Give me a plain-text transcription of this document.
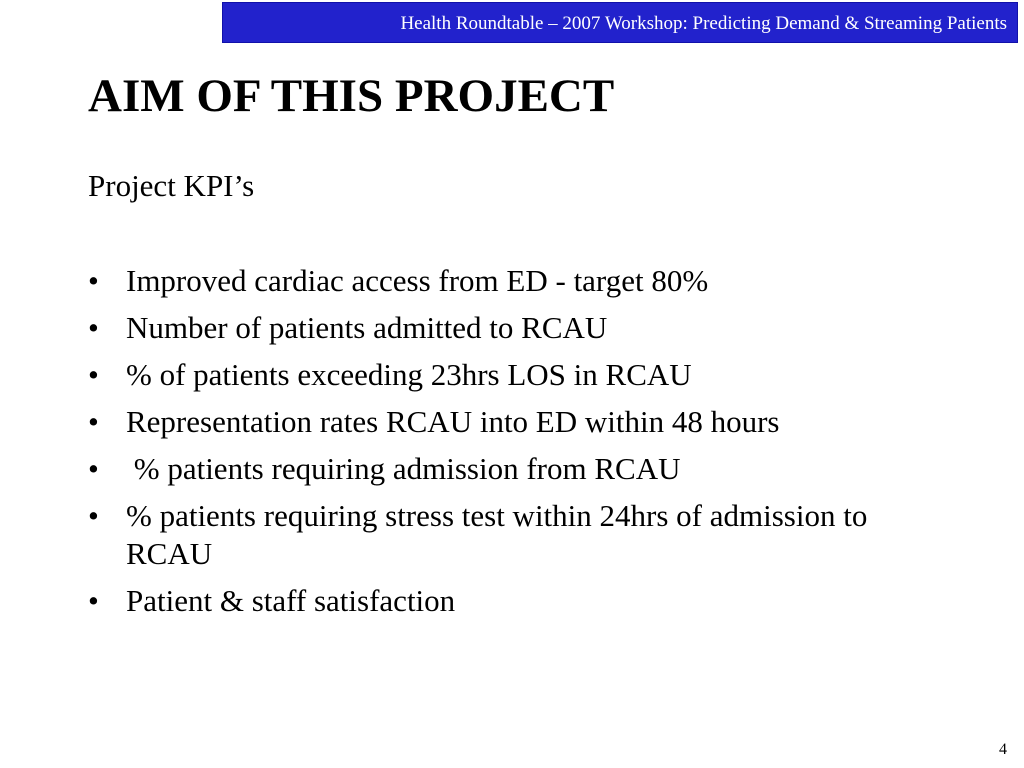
Health Roundtable – 2007 Workshop: Predicting Demand & Streaming Patients
AIM OF THIS PROJECT

Project KPI’s

• Improved cardiac access from ED - target 80%
• Number of patients admitted to RCAU
• % of patients exceeding 23hrs LOS in RCAU
• Representation rates RCAU into ED within 48 hours
• % patients requiring admission from RCAU
• % patients requiring stress test within 24hrs of admission to RCAU
• Patient & staff satisfaction
4
